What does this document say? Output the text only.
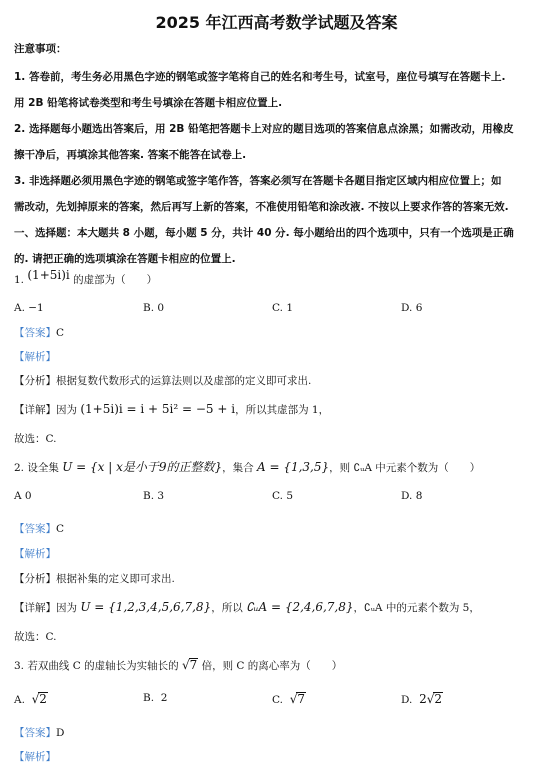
2025 年江西高考数学试题及答案
注意事项：
1. 答卷前，考生务必用黑色字迹的钢笔或签字笔将自己的姓名和考生号，试室号，座位号填写在答题卡上.
用 2B 铅笔将试卷类型和考生号填涂在答题卡相应位置上.
2. 选择题每小题选出答案后，用 2B 铅笔把答题卡上对应的题目选项的答案信息点涂黑；如需改动，用橡皮
擦干净后，再填涂其他答案. 答案不能答在试卷上.
3. 非选择题必须用黑色字迹的钢笔或签字笔作答，答案必须写在答题卡各题目指定区域内相应位置上；如
需改动，先划掉原来的答案，然后再写上新的答案，不准使用铅笔和涂改液. 不按以上要求作答的答案无效.
一、选择题：本大题共 8 小题，每小题 5 分，共计 40 分. 每小题给出的四个选项中，只有一个选项是正确
的. 请把正确的选项填涂在答题卡相应的位置上.
1. (1+5i)i 的虚部为（　　）
A. −1	B. 0	C. 1	D. 6
【答案】C
【解析】
【分析】根据复数代数形式的运算法则以及虚部的定义即可求出.
【详解】因为 (1+5i)i = i + 5i² = −5 + i，所以其虚部为 1，
故选：C.
2. 设全集 U = {x | x是小于9的正整数}，集合 A = {1,3,5}，则 ∁ᵤA 中元素个数为（　　）
A 0	B. 3	C. 5	D. 8
【答案】C
【解析】
【分析】根据补集的定义即可求出.
【详解】因为 U = {1,2,3,4,5,6,7,8}，所以 ∁ᵤA = {2,4,6,7,8}，∁ᵤA 中的元素个数为 5，
故选：C.
3. 若双曲线 C 的虚轴长为实轴长的 √7 倍，则 C 的离心率为（　　）
A. √2	B. 2	C. √7	D. 2√2
【答案】D
【解析】
